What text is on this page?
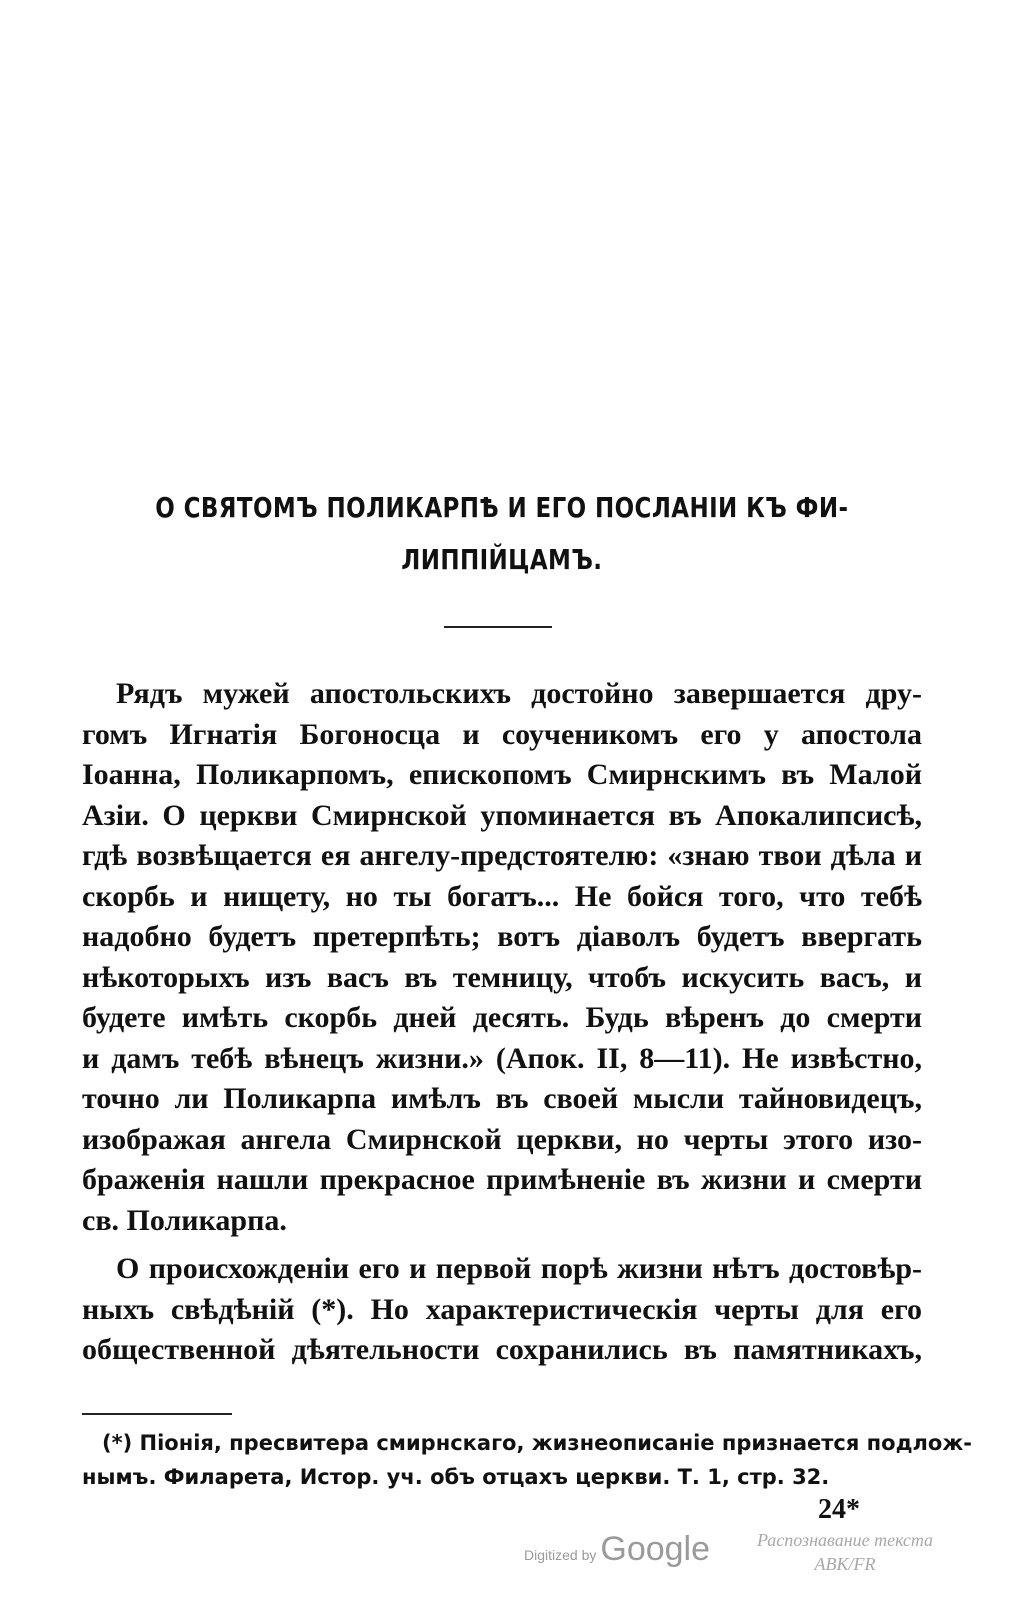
О СВЯТОМЪ ПОЛИКАРПѢ И ЕГО ПОСЛАНІИ КЪ ФИ-
ЛИППІЙЦАМЪ.
Рядъ мужей апостольскихъ достойно завершается дру-
гомъ Игнатія Богоносца и соученикомъ его у апостола
Іоанна, Поликарпомъ, епископомъ Смирнскимъ въ Малой
Азіи. О церкви Смирнской упоминается въ Апокалипсисѣ,
гдѣ возвѣщается ея ангелу-предстоятелю: «знаю твои дѣла и
скорбь и нищету, но ты богатъ... Не бойся того, что тебѣ
надобно будетъ претерпѣть; вотъ діаволъ будетъ ввергать
нѣкоторыхъ изъ васъ въ темницу, чтобъ искусить васъ, и
будете имѣть скорбь дней десять. Будь вѣренъ до смерти
и дамъ тебѣ вѣнецъ жизни.» (Апок. II, 8—11). Не извѣстно,
точно ли Поликарпа имѣлъ въ своей мысли тайновидецъ,
изображая ангела Смирнской церкви, но черты этого изо-
браженія нашли прекрасное примѣненіе въ жизни и смерти
св. Поликарпа.
О происхожденіи его и первой порѣ жизни нѣтъ достовѣр-
ныхъ свѣдѣній (*). Но характеристическія черты для его
общественной дѣятельности сохранились въ памятникахъ,
(*) Піонія, пресвитера смирнскаго, жизнеописаніе признается подлож-
нымъ. Филарета, Истор. уч. объ отцахъ церкви. Т. 1, стр. 32.
24*
Digitized by Google	Распознавание текста
ABK/FR
